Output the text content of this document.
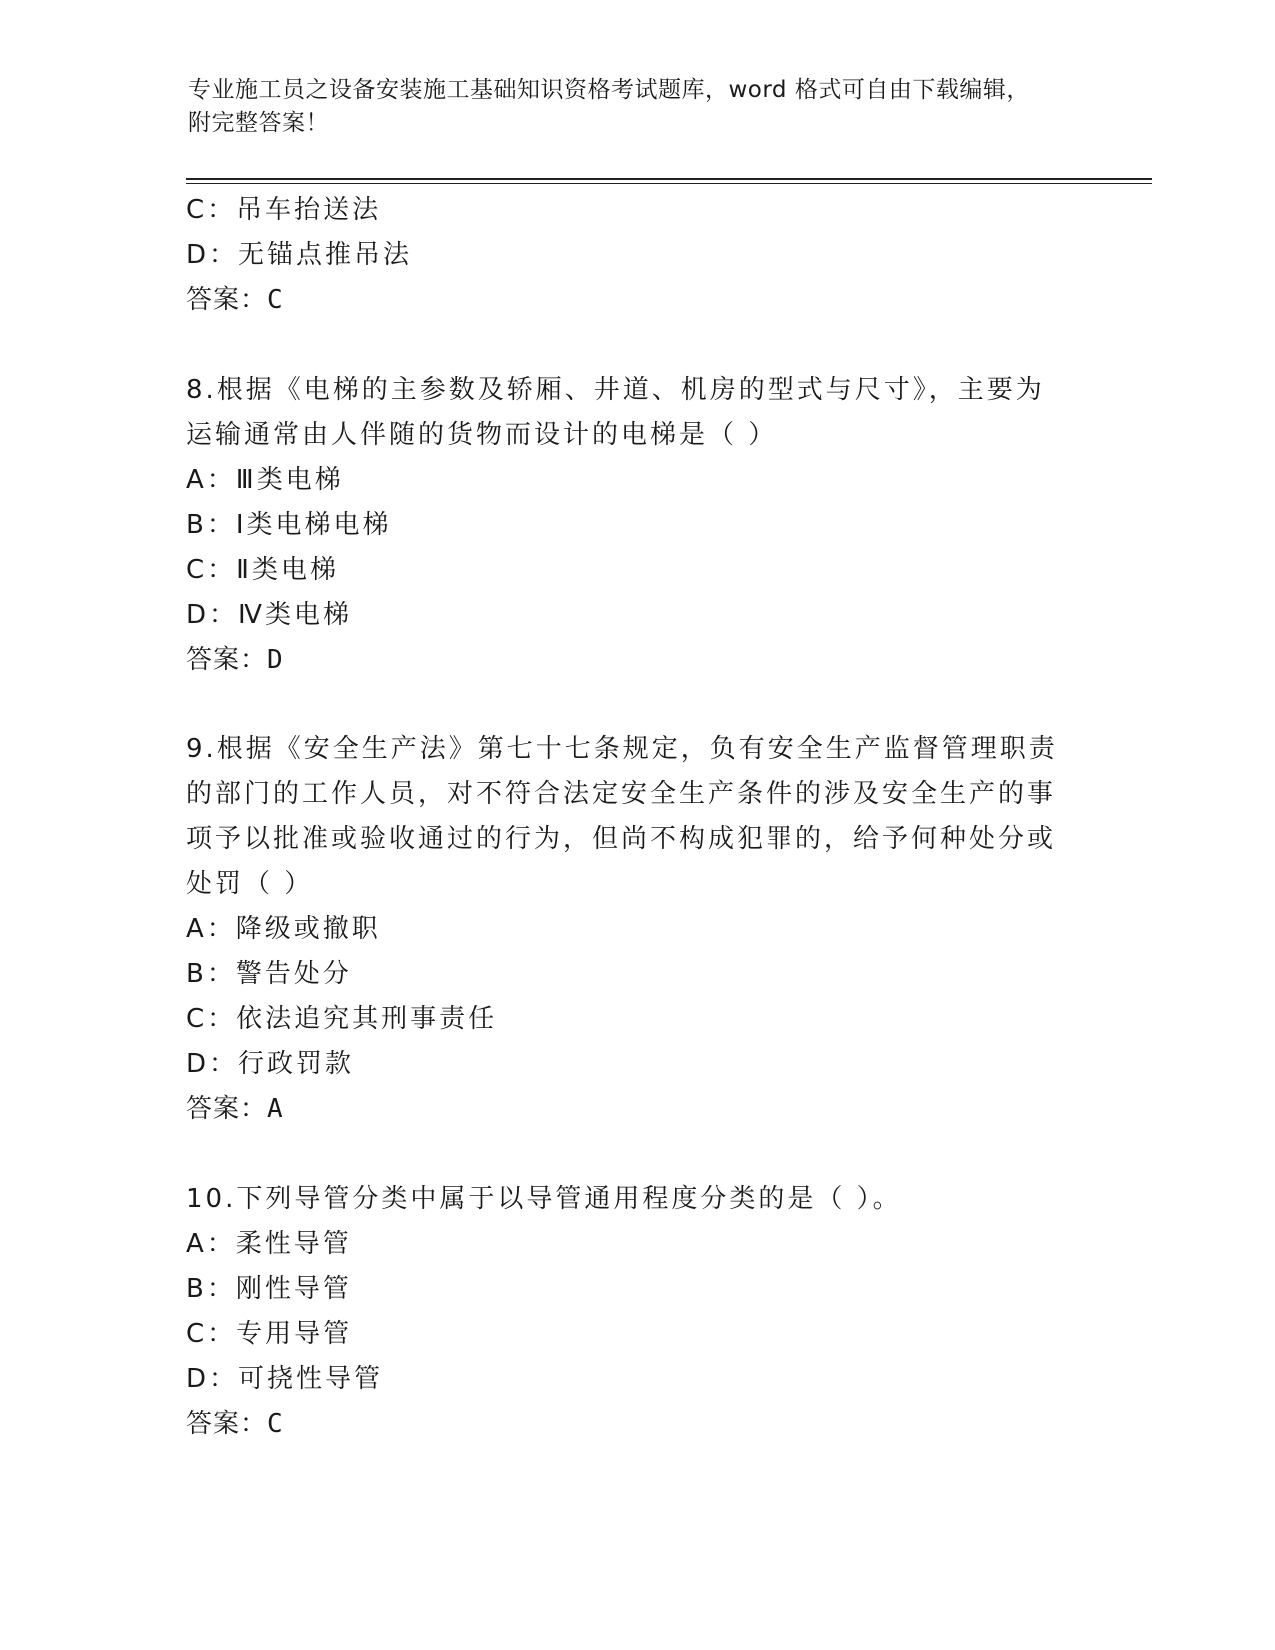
专业施工员之设备安装施工基础知识资格考试题库，word 格式可自由下载编辑，
附完整答案！
C：吊车抬送法
D：无锚点推吊法
答案：C
8.根据《电梯的主参数及轿厢、井道、机房的型式与尺寸》，主要为
运输通常由人伴随的货物而设计的电梯是（ ）
A：Ⅲ类电梯
B：Ⅰ类电梯电梯
C：Ⅱ类电梯
D：Ⅳ类电梯
答案：D
9.根据《安全生产法》第七十七条规定，负有安全生产监督管理职责
的部门的工作人员，对不符合法定安全生产条件的涉及安全生产的事
项予以批准或验收通过的行为，但尚不构成犯罪的，给予何种处分或
处罚（ ）
A：降级或撤职
B：警告处分
C：依法追究其刑事责任
D：行政罚款
答案：A
10.下列导管分类中属于以导管通用程度分类的是（ ）。
A：柔性导管
B：刚性导管
C：专用导管
D：可挠性导管
答案：C
